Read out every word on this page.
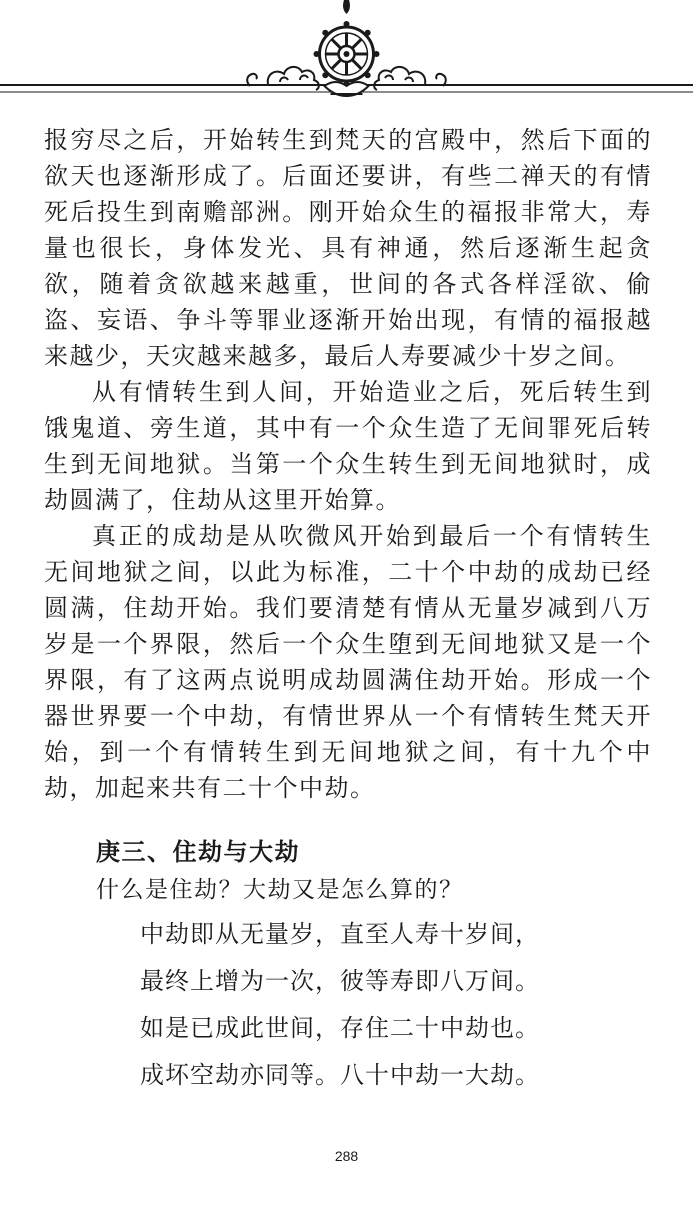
报穷尽之后，开始转生到梵天的宫殿中，然后下面的欲天也逐渐形成了。后面还要讲，有些二禅天的有情死后投生到南赡部洲。刚开始众生的福报非常大，寿量也很长，身体发光、具有神通，然后逐渐生起贪欲，随着贪欲越来越重，世间的各式各样淫欲、偷盗、妄语、争斗等罪业逐渐开始出现，有情的福报越来越少，天灾越来越多，最后人寿要减少十岁之间。

从有情转生到人间，开始造业之后，死后转生到饿鬼道、旁生道，其中有一个众生造了无间罪死后转生到无间地狱。当第一个众生转生到无间地狱时，成劫圆满了，住劫从这里开始算。

真正的成劫是从吹微风开始到最后一个有情转生无间地狱之间，以此为标准，二十个中劫的成劫已经圆满，住劫开始。我们要清楚有情从无量岁减到八万岁是一个界限，然后一个众生堕到无间地狱又是一个界限，有了这两点说明成劫圆满住劫开始。形成一个器世界要一个中劫，有情世界从一个有情转生梵天开始，到一个有情转生到无间地狱之间，有十九个中劫，加起来共有二十个中劫。

庚三、住劫与大劫
什么是住劫？大劫又是怎么算的？
中劫即从无量岁，直至人寿十岁间，
最终上增为一次，彼等寿即八万间。
如是已成此世间，存住二十中劫也。
成坏空劫亦同等。八十中劫一大劫。
288
